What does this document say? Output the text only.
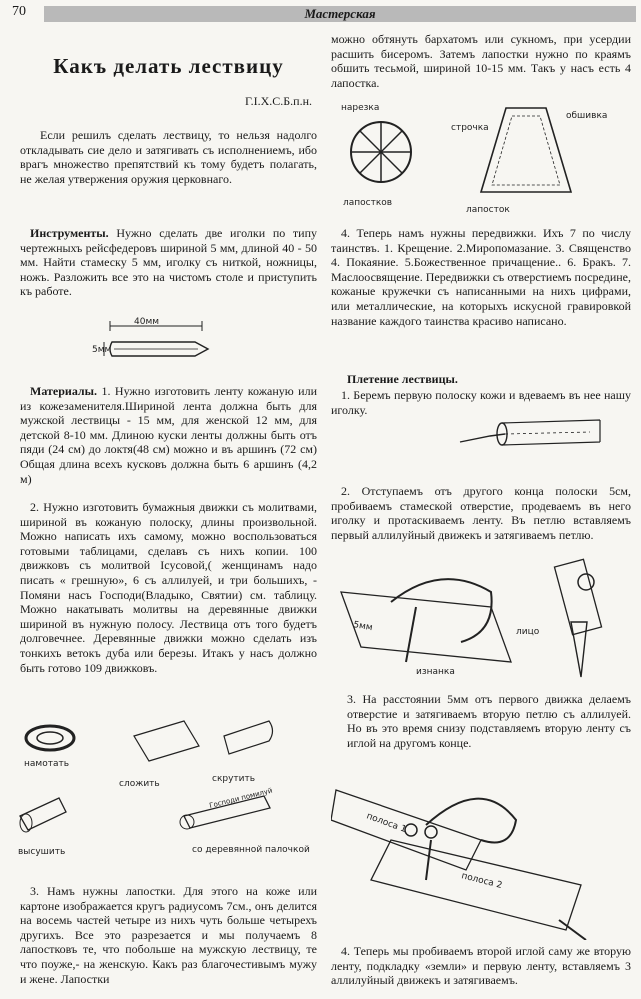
70	Мастерская
Какъ делать лествицу
Г.I.Х.С.Б.п.н.
Если решилъ сделать лествицу, то нельзя надолго откладывать сие дело и затягивать съ исполнениемъ, ибо врагъ множество препятствий къ тому будетъ полагать, не желая утвержения оружия церковнаго.
Инструменты. Нужно сделать две иголки по типу чертежныхъ рейсфедеровъ шириной 5 мм, длиной 40 - 50 мм. Найти стамеску 5 мм, иголку съ ниткой, ножницы, ножъ. Разложить все это на чистомъ столе и приступить къ работе.
40мм
5мм
Материалы. 1. Нужно изготовить ленту кожаную или из кожезаменителя.Шириной лента должна быть для мужской лествицы - 15 мм, для женской 12 мм, для детской 8-10 мм. Длиною куски ленты должны быть отъ пяди (24 см) до локтя(48 см) можно и въ аршинъ (72 см) Общая длина всехъ кусковъ должна быть 6 аршинъ (4,2 м)
2. Нужно изготовить бумажныя движки съ молитвами, шириной въ кожаную полоску, длины произвольной. Можно написать ихъ самому, можно воспользоваться готовыми таблицами, сделавъ съ нихъ копии. 100 движковъ съ молитвой Iсусовой,( женщинамъ надо писать « грешную», 6 съ аллилуей, и три большихъ, - Помяни насъ Господи(Владыко, Святии) см. таблицу. Можно накатывать молитвы на деревянные движки шириной въ нужную полосу. Лествица отъ того будетъ долговечнее. Деревянные движки можно сделать изъ тонкихъ ветокъ дуба или березы. Итакъ у насъ должно быть готово 109 движковъ.
намотать
сложить	скрутить
высушить
Господи помилуй
со деревянной палочкой
3. Намъ нужны лапостки. Для этого на коже или картоне изображается кругъ радиусомъ 7см., онъ делится на восемь частей четыре из нихъ чуть больше четырехъ другихъ. Все это разрезается и мы получаемъ 8 лапостковъ те, что побольше на мужскую лествицу, те что поуже,- на женскую. Какъ раз благочестивымъ мужу и жене. Лапостки
можно обтянуть бархатомъ или сукномъ, при усердии расшить бисеромъ. Затемъ лапостки нужно по краямъ обшить тесьмой, шириной 10-15 мм. Такъ у насъ есть 4 лапостка.
нарезка
лапостков
строчка
обшивка
лапосток
4. Теперь намъ нужны передвижки. Ихъ 7 по числу таинствъ. 1. Крещение. 2.Миропомазание. 3. Священство 4. Покаяние. 5.Божественное причащение.. 6. Бракъ. 7. Маслоосвящение. Передвижки съ отверстиемъ посредине, кожаные кружечки съ написанными на нихъ цифрами, или металлические, на которыхъ искусной гравировкой название каждого таинства красиво написано.
Плетение лествицы.
1. Беремъ первую полоску кожи и вдеваемъ въ нее нашу иголку.
2. Отступаемъ отъ другого конца полоски 5см, пробиваемъ стамеской отверстие, продеваемъ въ него иголку и протаскиваемъ ленту. Въ петлю вставляемъ первый аллилуйный движекъ и затягиваемъ петлю.
5мм	лицо
изнанка
3. На расстоянии 5мм отъ первого движка делаемъ отверстие и затягиваемъ вторую петлю съ аллилуей. Но въ это время снизу подставляемъ вторую ленту съ иглой на другомъ конце.
полоса 1
полоса 2
4. Теперь мы пробиваемъ второй иглой саму же вторую ленту, подкладку «земли» и первую ленту, вставляемъ 3 аллилуйный движекъ и затягиваемъ.
